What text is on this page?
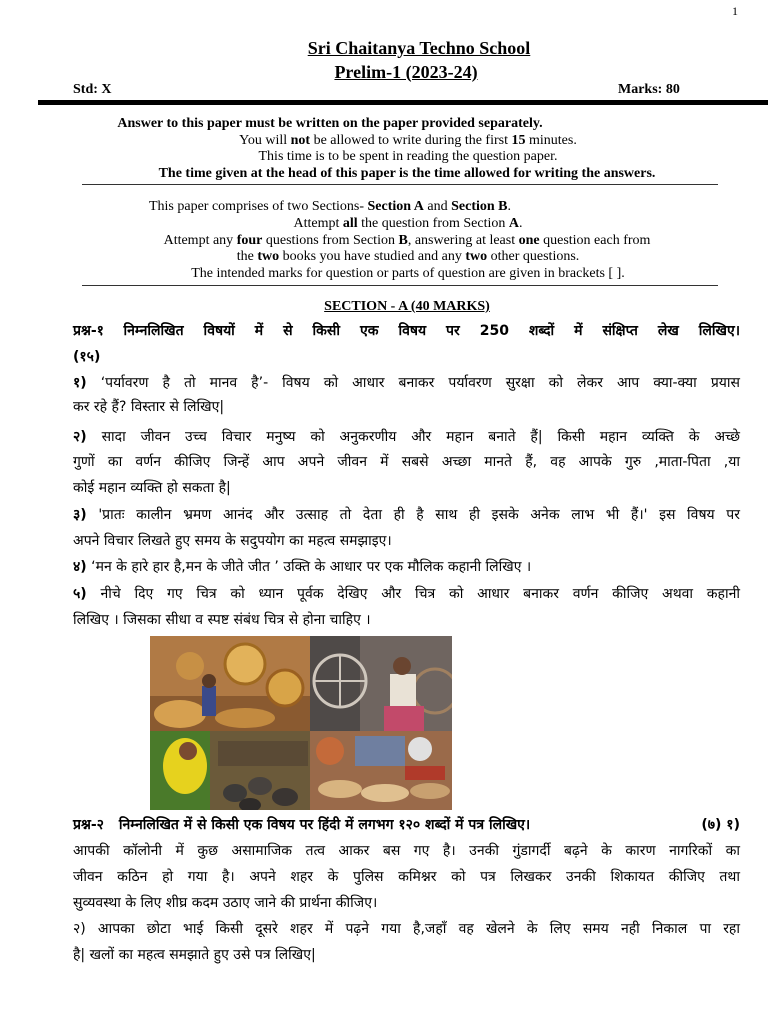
1
Sri Chaitanya Techno School
Prelim-1 (2023-24)
Std: X	Marks: 80
Answer to this paper must be written on the paper provided separately.
You will not be allowed to write during the first 15 minutes.
This time is to be spent in reading the question paper.
The time given at the head of this paper is the time allowed for writing the answers.
This paper comprises of two Sections- Section A and Section B.
Attempt all the question from Section A.
Attempt any four questions from Section B, answering at least one question each from
the two books you have studied and any two other questions.
The intended marks for question or parts of question are given in brackets [ ].
SECTION - A (40 MARKS)
प्रश्न-१ निम्नलिखित विषयों में से किसी एक विषय पर 250 शब्दों में संक्षिप्त लेख लिखिए।
(१५)
१) ‘पर्यावरण है तो मानव है’- विषय को आधार बनाकर पर्यावरण सुरक्षा को लेकर आप क्या-क्या प्रयास
कर रहे हैं? विस्तार से लिखिए|
२) सादा जीवन उच्च विचार मनुष्य को अनुकरणीय और महान बनाते हैं| किसी महान व्यक्ति के अच्छे
गुणों का वर्णन कीजिए जिन्हें आप अपने जीवन में सबसे अच्छा मानते हैं, वह आपके गुरु ,माता-पिता ,या
कोई महान व्यक्ति हो सकता है|
३) 'प्रातः कालीन भ्रमण आनंद और उत्साह तो देता ही है साथ ही इसके अनेक लाभ भी हैं।' इस विषय पर
अपने विचार लिखते हुए समय के सदुपयोग का महत्व समझाइए।
४) ‘मन के हारे हार है,मन के जीते जीत ’ उक्ति के आधार पर एक मौलिक कहानी लिखिए ।
५) नीचे दिए गए चित्र को ध्यान पूर्वक देखिए और चित्र को आधार बनाकर वर्णन कीजिए अथवा कहानी
लिखिए । जिसका सीधा व स्पष्ट संबंध चित्र से होना चाहिए ।
प्रश्न-२ निम्नलिखित में से किसी एक विषय पर हिंदी में लगभग १२० शब्दों में पत्र लिखिए।	(७) १)
आपकी कॉलोनी में कुछ असामाजिक तत्व आकर बस गए है। उनकी गुंडागर्दी बढ़ने के कारण नागरिकों का
जीवन कठिन हो गया है। अपने शहर के पुलिस कमिश्नर को पत्र लिखकर उनकी शिकायत कीजिए तथा
सुव्यवस्था के लिए शीघ्र कदम उठाए जाने की प्रार्थना कीजिए।
२) आपका छोटा भाई किसी दूसरे शहर में पढ़ने गया है,जहाँ वह खेलने के लिए समय नही निकाल पा रहा
है| खलों का महत्व समझाते हुए उसे पत्र लिखिए|
